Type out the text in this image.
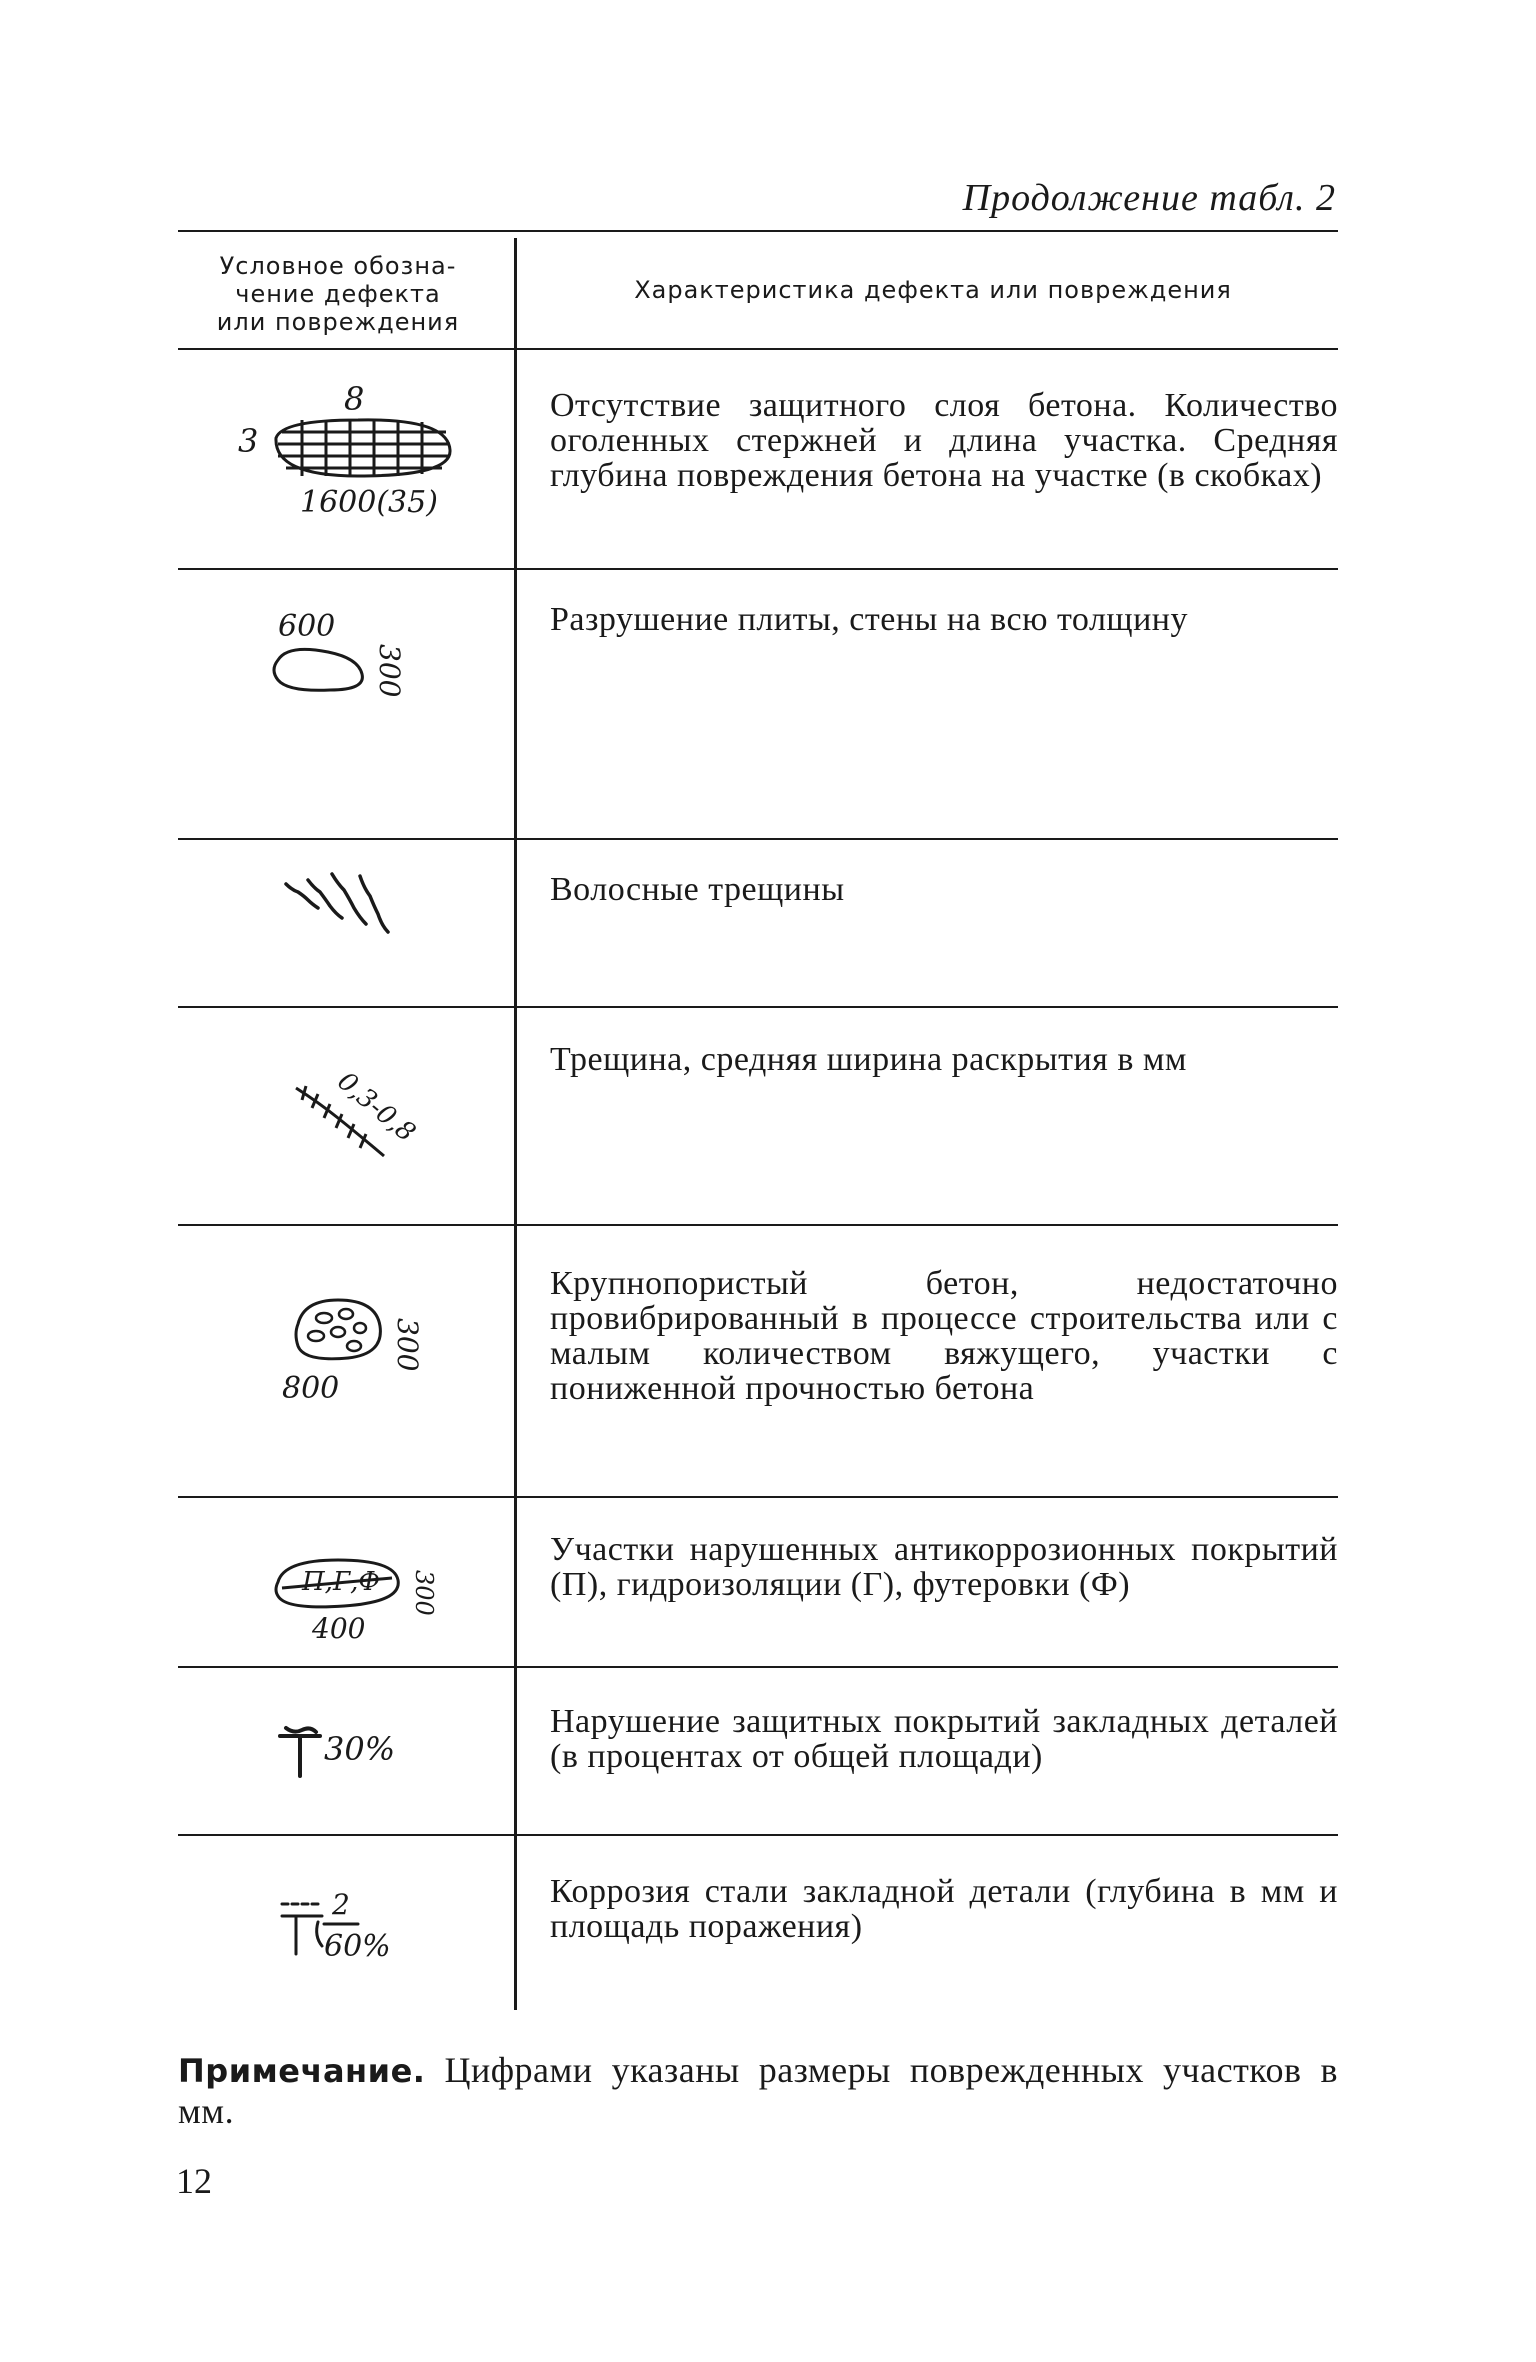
Продолжение табл. 2
Условное обозна-
чение дефекта
или повреждения
Характеристика дефекта или повреждения
8
3
1600(35)
Отсутствие защитного слоя бетона. Количество оголенных стержней и длина участка. Средняя глубина повреждения бетона на участке (в скобках)
600
300
Разрушение плиты, стены на всю толщину
Волосные трещины
0,3-0,8
Трещина, средняя ширина раскрытия в мм
800
300
Крупнопористый бетон, недостаточно провибрированный в процессе строительства или с малым количеством вяжущего, участки с пониженной прочностью бетона
П,Г,Ф
400
300
Участки нарушенных антикоррозионных покрытий (П), гидроизоляции (Г), футеровки (Ф)
30%
Нарушение защитных покрытий закладных деталей (в процентах от общей площади)
2
60%
Коррозия стали закладной детали (глубина в мм и площадь поражения)
Примечание. Цифрами указаны размеры поврежденных участков в мм.
12
